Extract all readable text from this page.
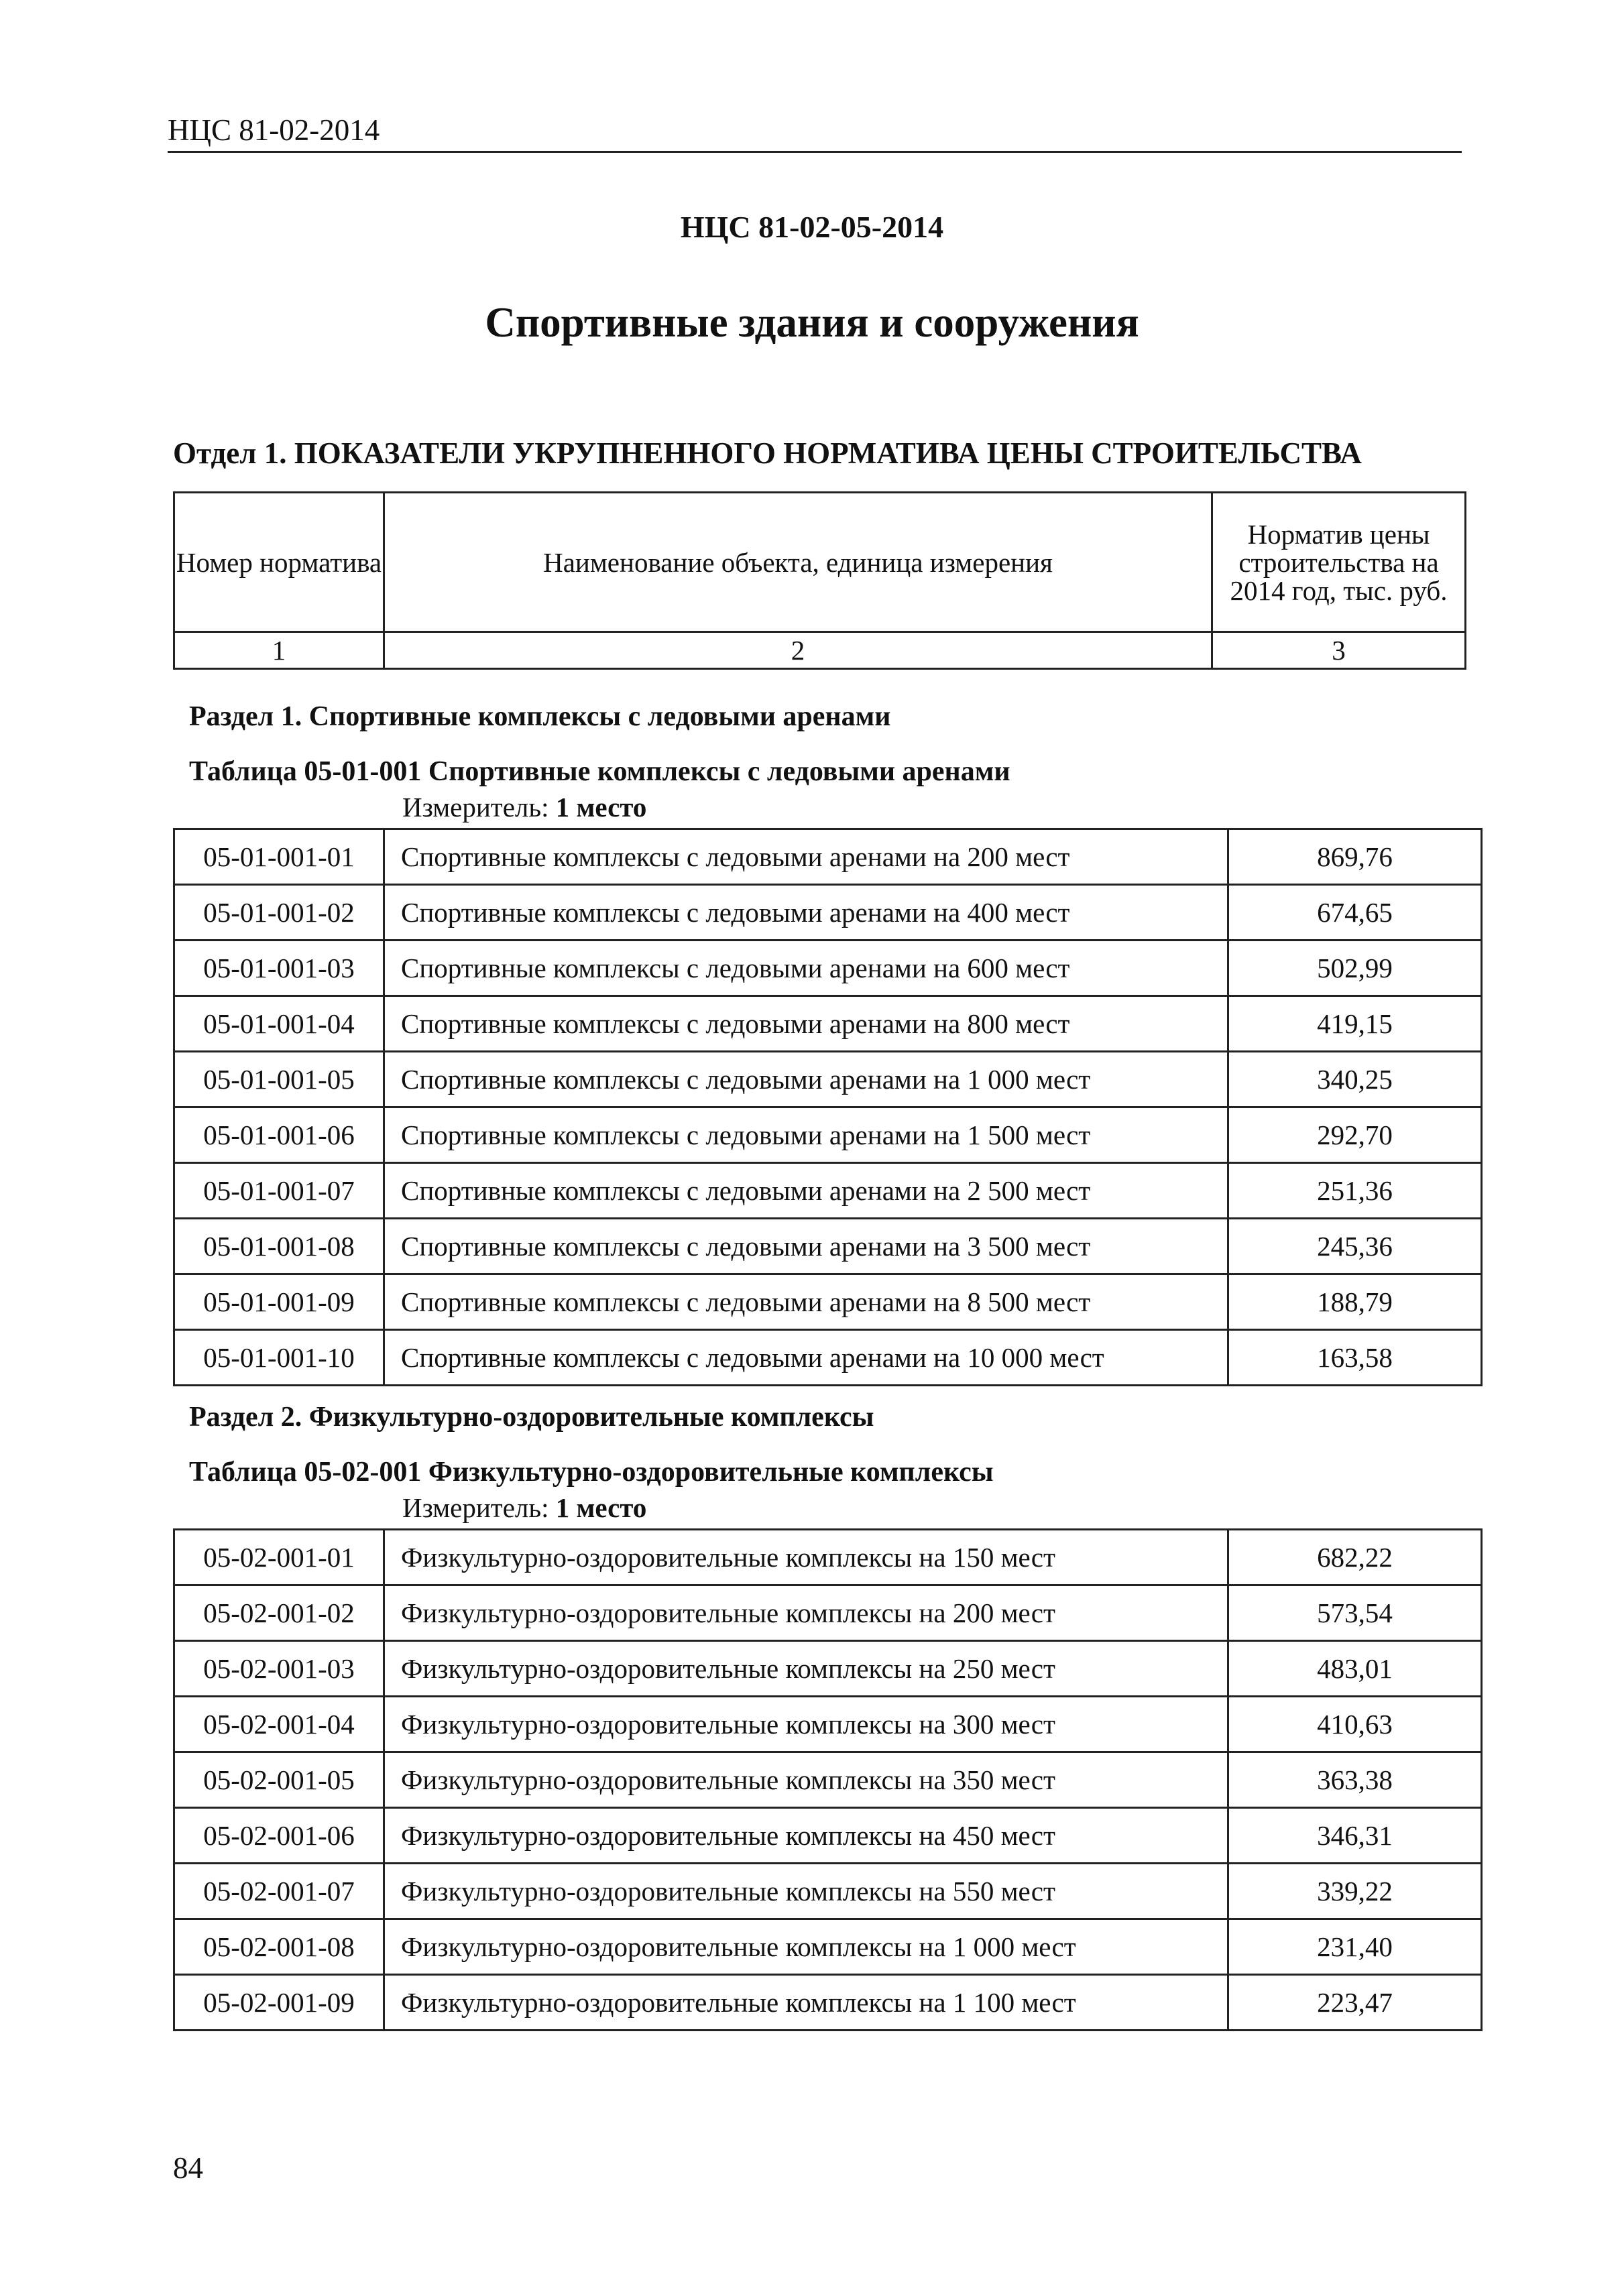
НЦС 81-02-2014
НЦС 81-02-05-2014
Спортивные здания и сооружения
Отдел 1. ПОКАЗАТЕЛИ УКРУПНЕННОГО НОРМАТИВА ЦЕНЫ СТРОИТЕЛЬСТВА
Номер норматива	Наименование объекта, единица измерения	Норматив цены строительства на 2014 год, тыс. руб.
1	2	3
Раздел 1. Спортивные комплексы с ледовыми аренами
Таблица 05-01-001 Спортивные комплексы с ледовыми аренами
Измеритель: 1 место
05-01-001-01	Спортивные комплексы с ледовыми аренами на 200 мест	869,76
05-01-001-02	Спортивные комплексы с ледовыми аренами на 400 мест	674,65
05-01-001-03	Спортивные комплексы с ледовыми аренами на 600 мест	502,99
05-01-001-04	Спортивные комплексы с ледовыми аренами на 800 мест	419,15
05-01-001-05	Спортивные комплексы с ледовыми аренами на 1 000 мест	340,25
05-01-001-06	Спортивные комплексы с ледовыми аренами на 1 500 мест	292,70
05-01-001-07	Спортивные комплексы с ледовыми аренами на 2 500 мест	251,36
05-01-001-08	Спортивные комплексы с ледовыми аренами на 3 500 мест	245,36
05-01-001-09	Спортивные комплексы с ледовыми аренами на 8 500 мест	188,79
05-01-001-10	Спортивные комплексы с ледовыми аренами на 10 000 мест	163,58
Раздел 2. Физкультурно-оздоровительные комплексы
Таблица 05-02-001 Физкультурно-оздоровительные комплексы
Измеритель: 1 место
05-02-001-01	Физкультурно-оздоровительные комплексы на 150 мест	682,22
05-02-001-02	Физкультурно-оздоровительные комплексы на 200 мест	573,54
05-02-001-03	Физкультурно-оздоровительные комплексы на 250 мест	483,01
05-02-001-04	Физкультурно-оздоровительные комплексы на 300 мест	410,63
05-02-001-05	Физкультурно-оздоровительные комплексы на 350 мест	363,38
05-02-001-06	Физкультурно-оздоровительные комплексы на 450 мест	346,31
05-02-001-07	Физкультурно-оздоровительные комплексы на 550 мест	339,22
05-02-001-08	Физкультурно-оздоровительные комплексы на 1 000 мест	231,40
05-02-001-09	Физкультурно-оздоровительные комплексы на 1 100 мест	223,47
84
